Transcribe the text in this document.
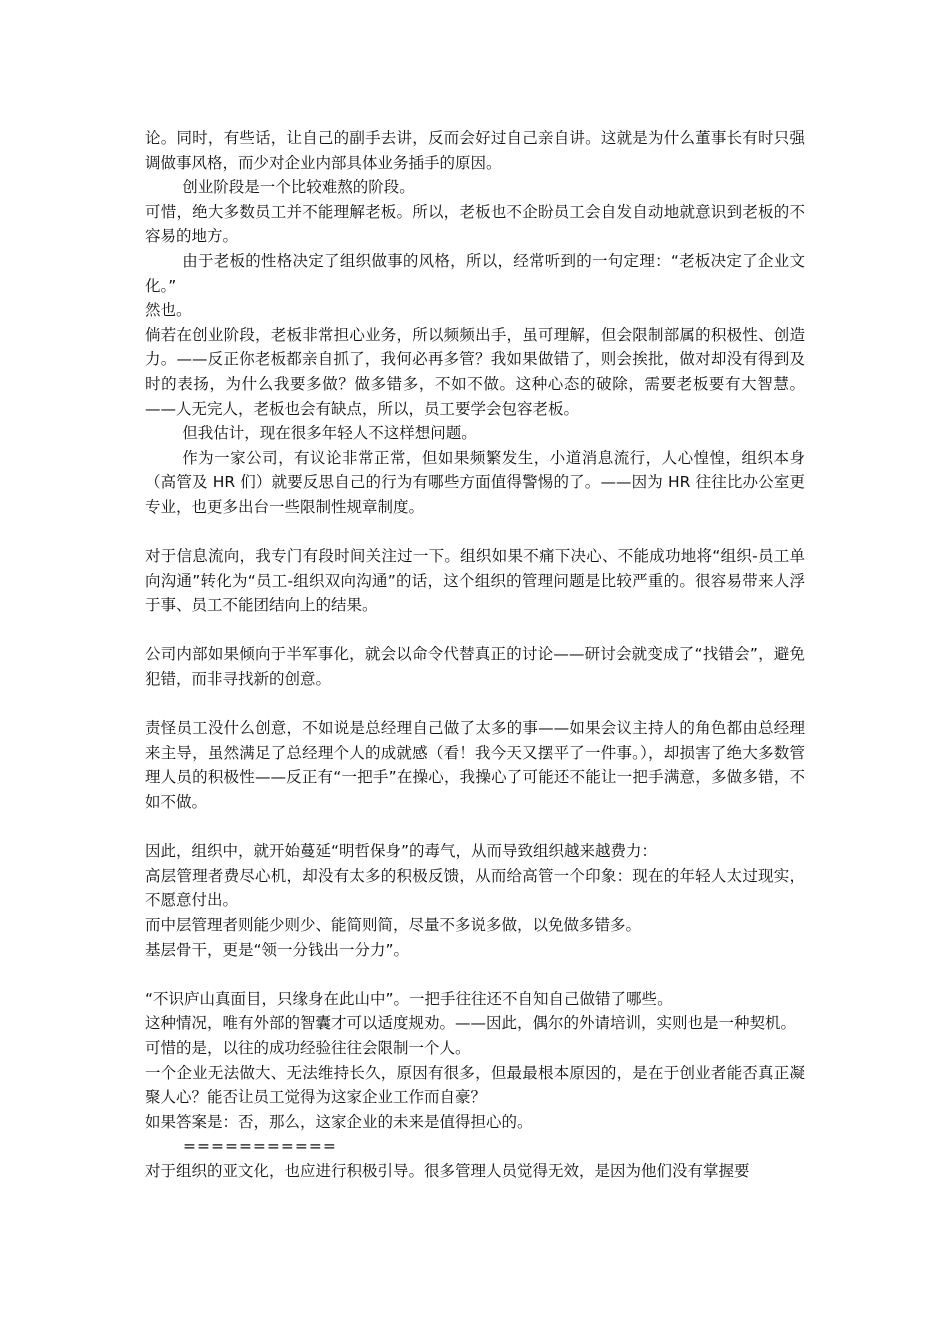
论。同时，有些话，让自己的副手去讲，反而会好过自己亲自讲。这就是为什么董事长有时只强调做事风格，而少对企业内部具体业务插手的原因。

创业阶段是一个比较难熬的阶段。

可惜，绝大多数员工并不能理解老板。所以，老板也不企盼员工会自发自动地就意识到老板的不容易的地方。

由于老板的性格决定了组织做事的风格，所以，经常听到的一句定理：“老板决定了企业文化。”

然也。

倘若在创业阶段，老板非常担心业务，所以频频出手，虽可理解，但会限制部属的积极性、创造力。——反正你老板都亲自抓了，我何必再多管？我如果做错了，则会挨批，做对却没有得到及时的表扬，为什么我要多做？做多错多，不如不做。这种心态的破除，需要老板要有大智慧。——人无完人，老板也会有缺点，所以，员工要学会包容老板。

但我估计，现在很多年轻人不这样想问题。

作为一家公司，有议论非常正常，但如果频繁发生，小道消息流行，人心惶惶，组织本身（高管及 HR 们）就要反思自己的行为有哪些方面值得警惕的了。——因为 HR 往往比办公室更专业，也更多出台一些限制性规章制度。

对于信息流向，我专门有段时间关注过一下。组织如果不痛下决心、不能成功地将“组织-员工单向沟通”转化为“员工-组织双向沟通”的话，这个组织的管理问题是比较严重的。很容易带来人浮于事、员工不能团结向上的结果。

公司内部如果倾向于半军事化，就会以命令代替真正的讨论——研讨会就变成了“找错会”，避免犯错，而非寻找新的创意。

责怪员工没什么创意，不如说是总经理自己做了太多的事——如果会议主持人的角色都由总经理来主导，虽然满足了总经理个人的成就感（看！我今天又摆平了一件事。），却损害了绝大多数管理人员的积极性——反正有“一把手”在操心，我操心了可能还不能让一把手满意，多做多错，不如不做。

因此，组织中，就开始蔓延“明哲保身”的毒气，从而导致组织越来越费力：

高层管理者费尽心机，却没有太多的积极反馈，从而给高管一个印象：现在的年轻人太过现实，不愿意付出。

而中层管理者则能少则少、能简则简，尽量不多说多做，以免做多错多。

基层骨干，更是“领一分钱出一分力”。

“不识庐山真面目，只缘身在此山中”。一把手往往还不自知自己做错了哪些。

这种情况，唯有外部的智囊才可以适度规劝。——因此，偶尔的外请培训，实则也是一种契机。

可惜的是，以往的成功经验往往会限制一个人。

一个企业无法做大、无法维持长久，原因有很多，但最最根本原因的，是在于创业者能否真正凝聚人心？能否让员工觉得为这家企业工作而自豪？

如果答案是：否，那么，这家企业的未来是值得担心的。

===========

对于组织的亚文化，也应进行积极引导。很多管理人员觉得无效，是因为他们没有掌握要
